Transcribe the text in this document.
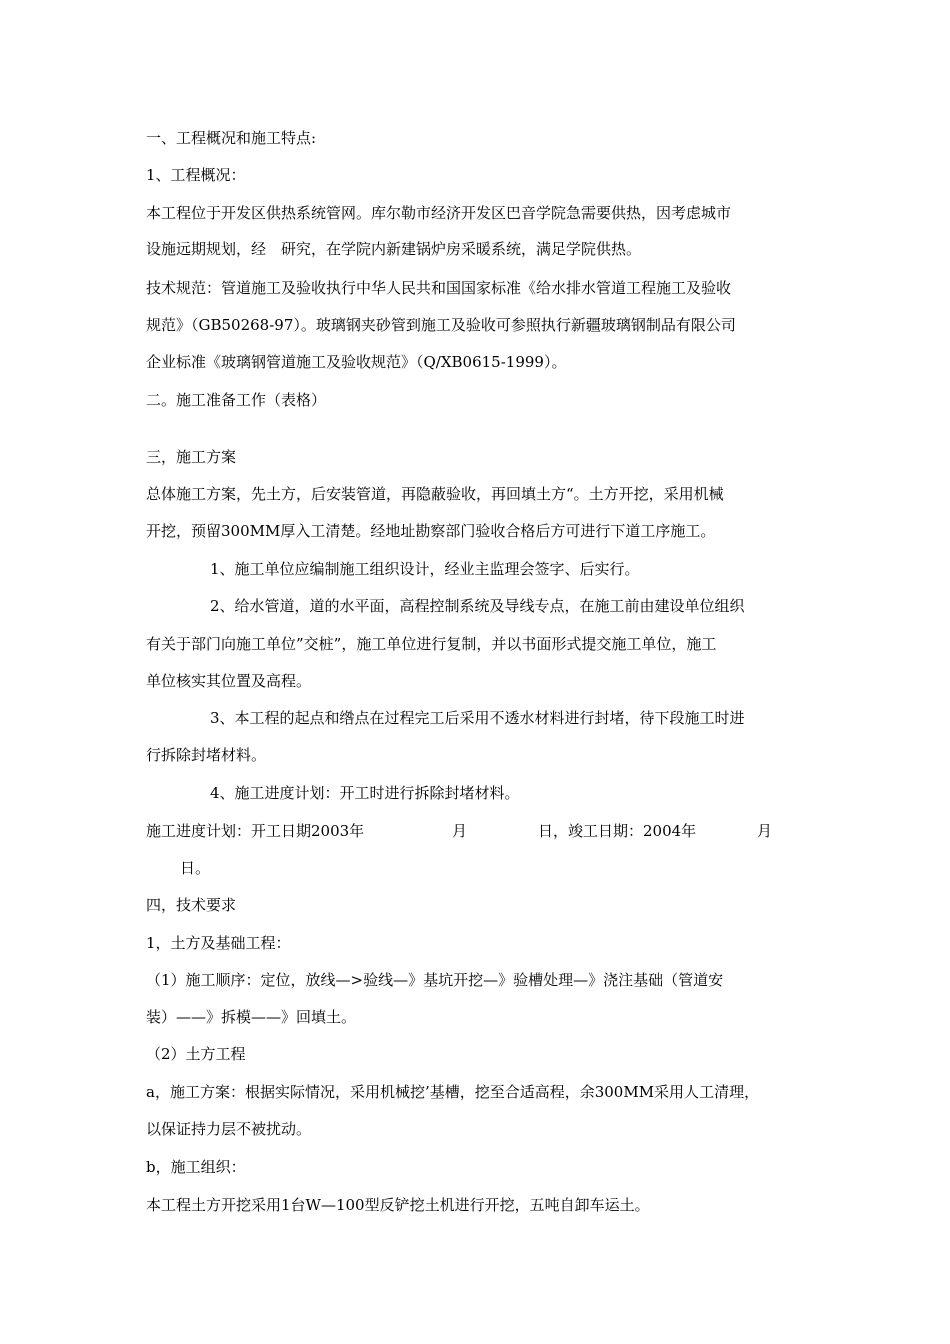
一、工程概况和施工特点:
1、工程概况：
本工程位于开发区供热系统管网。库尔勒市经济开发区巴音学院急需要供热，因考虑城市
设施远期规划，经　研究，在学院内新建锅炉房采暖系统，满足学院供热。
技术规范：管道施工及验收执行中华人民共和国国家标准《给水排水管道工程施工及验收
规范》（GB50268-97）。玻璃钢夹砂管到施工及验收可参照执行新疆玻璃钢制品有限公司
企业标准《玻璃钢管道施工及验收规范》（Q/XB0615-1999）。
二。施工准备工作（表格）
三，施工方案
总体施工方案，先土方，后安装管道，再隐蔽验收，再回填土方“。土方开挖，采用机械
开挖，预留300MM厚入工清楚。经地址勘察部门验收合格后方可进行下道工序施工。
1、施工单位应编制施工组织设计，经业主监理会签字、后实行。
2、给水管道，道的水平面，高程控制系统及导线专点，在施工前由建设单位组织
有关于部门向施工单位”交桩”，施工单位进行复制，并以书面形式提交施工单位，施工
单位核实其位置及高程。
3、本工程的起点和绺点在过程完工后采用不透水材料进行封堵，待下段施工时进
行拆除封堵材料。
4、施工进度计划：开工时进行拆除封堵材料。
施工进度计划：开工日期2003年	月	日，竣工日期：2004年	月
日。
四，技术要求
1，土方及基础工程：
（1）施工顺序：定位，放线—>验线—》基坑开挖—》验槽处理—》浇注基础（管道安
装）——》拆模——》回填土。
（2）土方工程
a，施工方案：根据实际情况，采用机械挖’基槽，挖至合适高程，余300MM采用人工清理，
以保证持力层不被扰动。
b，施工组织：
本工程土方开挖采用1台W—100型反铲挖土机进行开挖，五吨自卸车运土。
